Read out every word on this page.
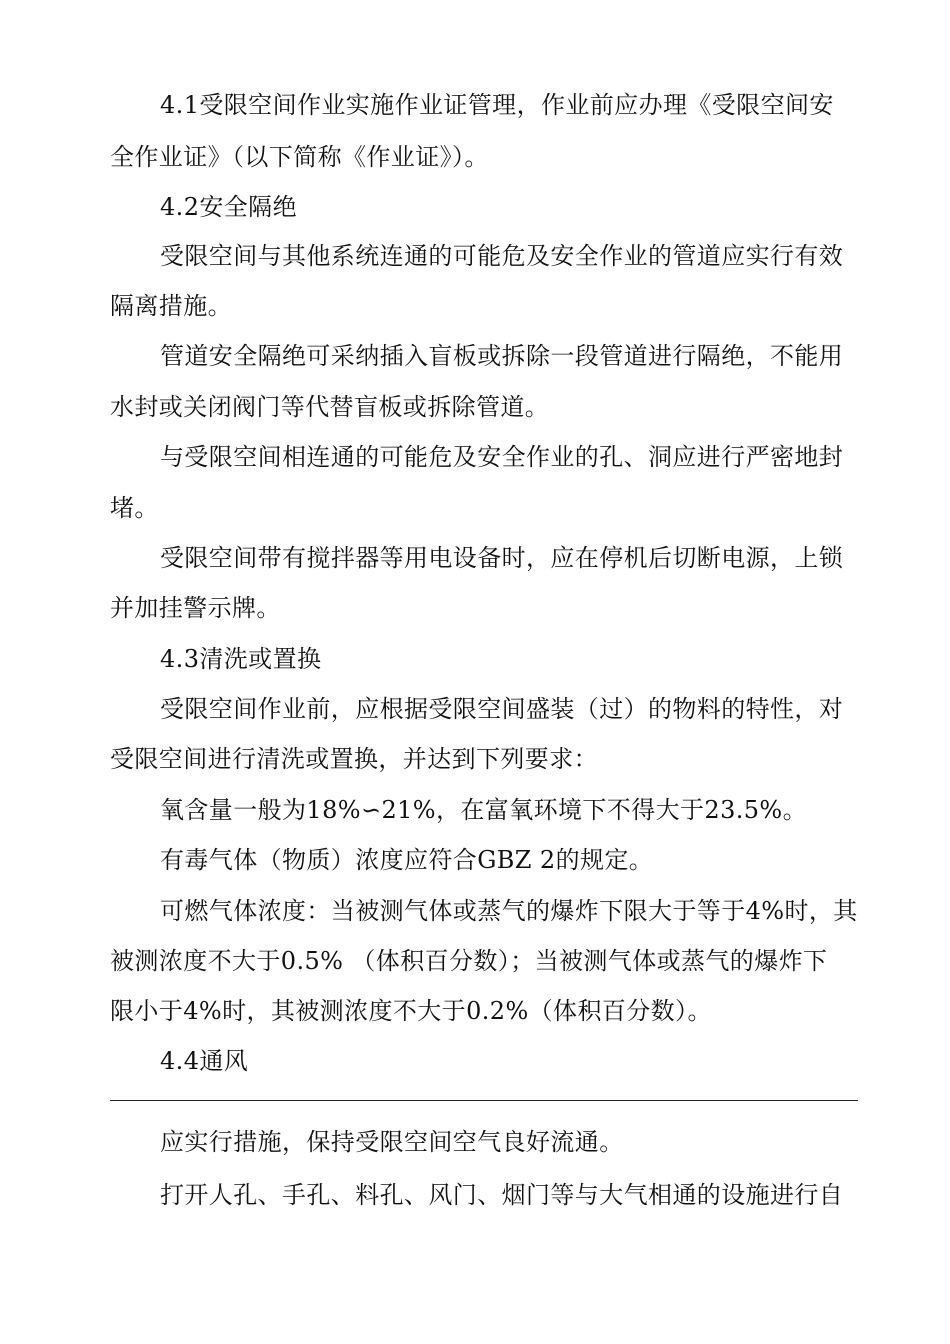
4.1受限空间作业实施作业证管理，作业前应办理《受限空间安
全作业证》（以下简称《作业证》）。
4.2安全隔绝
受限空间与其他系统连通的可能危及安全作业的管道应实行有效
隔离措施。
管道安全隔绝可采纳插入盲板或拆除一段管道进行隔绝，不能用
水封或关闭阀门等代替盲板或拆除管道。
与受限空间相连通的可能危及安全作业的孔、洞应进行严密地封
堵。
受限空间带有搅拌器等用电设备时，应在停机后切断电源，上锁
并加挂警示牌。
4.3清洗或置换
受限空间作业前，应根据受限空间盛装（过）的物料的特性，对
受限空间进行清洗或置换，并达到下列要求：
氧含量一般为18%∽21%，在富氧环境下不得大于23.5%。
有毒气体（物质）浓度应符合GBZ 2的规定。
可燃气体浓度：当被测气体或蒸气的爆炸下限大于等于4%时，其
被测浓度不大于0.5% （体积百分数）；当被测气体或蒸气的爆炸下
限小于4%时，其被测浓度不大于0.2%（体积百分数）。
4.4通风
应实行措施，保持受限空间空气良好流通。
打开人孔、手孔、料孔、风门、烟门等与大气相通的设施进行自
